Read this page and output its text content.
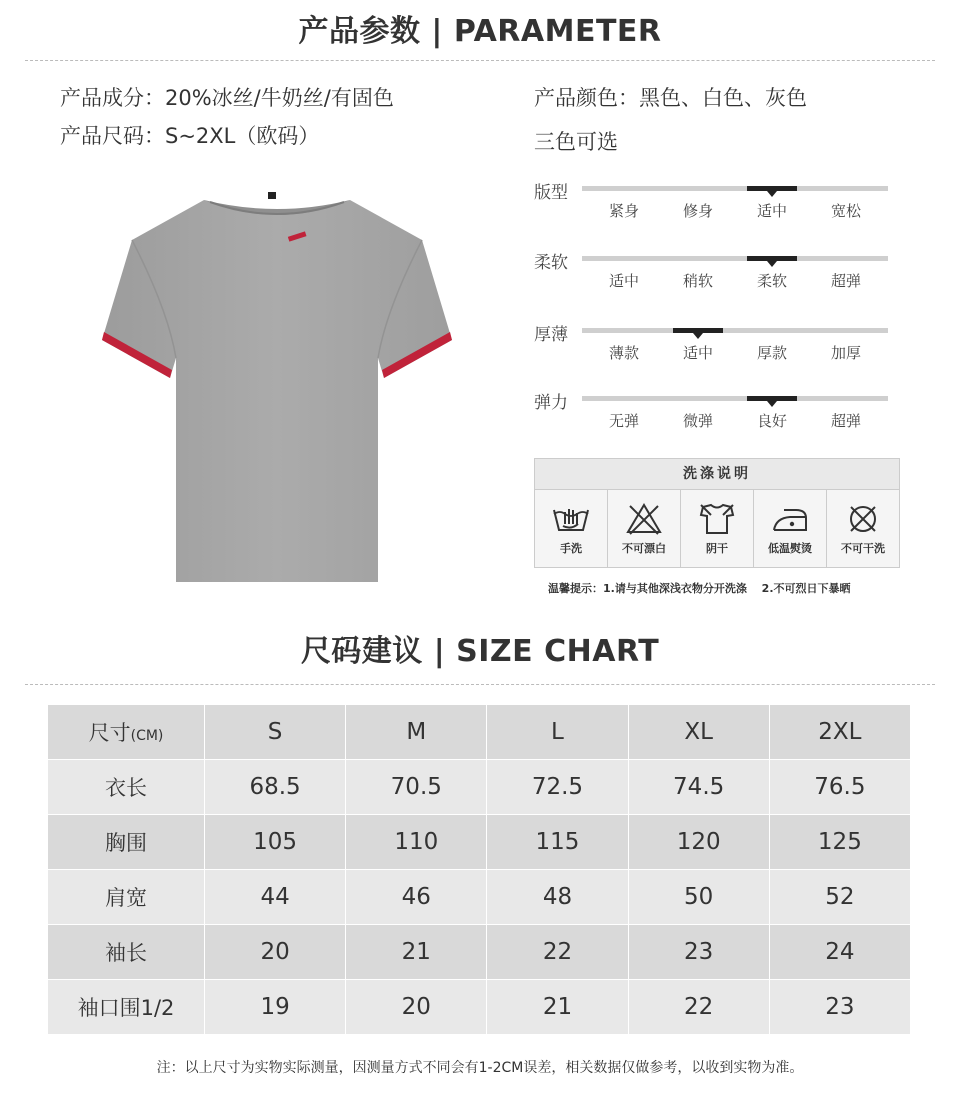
产品参数 | PARAMETER
产品成分：20%冰丝/牛奶丝/有固色
产品尺码：S~2XL（欧码）
产品颜色：黑色、白色、灰色
三色可选
版型
紧身	修身	适中	宽松
柔软
适中	稍软	柔软	超弹
厚薄
薄款	适中	厚款	加厚
弹力
无弹	微弹	良好	超弹
洗涤说明
手洗	不可漂白	阴干	低温熨烫	不可干洗
温馨提示：1.请与其他深浅衣物分开洗涤　 2.不可烈日下暴晒
尺码建议 | SIZE CHART
尺寸(CM)	S	M	L	XL	2XL
衣长	68.5	70.5	72.5	74.5	76.5
胸围	105	110	115	120	125
肩宽	44	46	48	50	52
袖长	20	21	22	23	24
袖口围1/2	19	20	21	22	23
注：以上尺寸为实物实际测量，因测量方式不同会有1-2CM误差，相关数据仅做参考，以收到实物为准。
